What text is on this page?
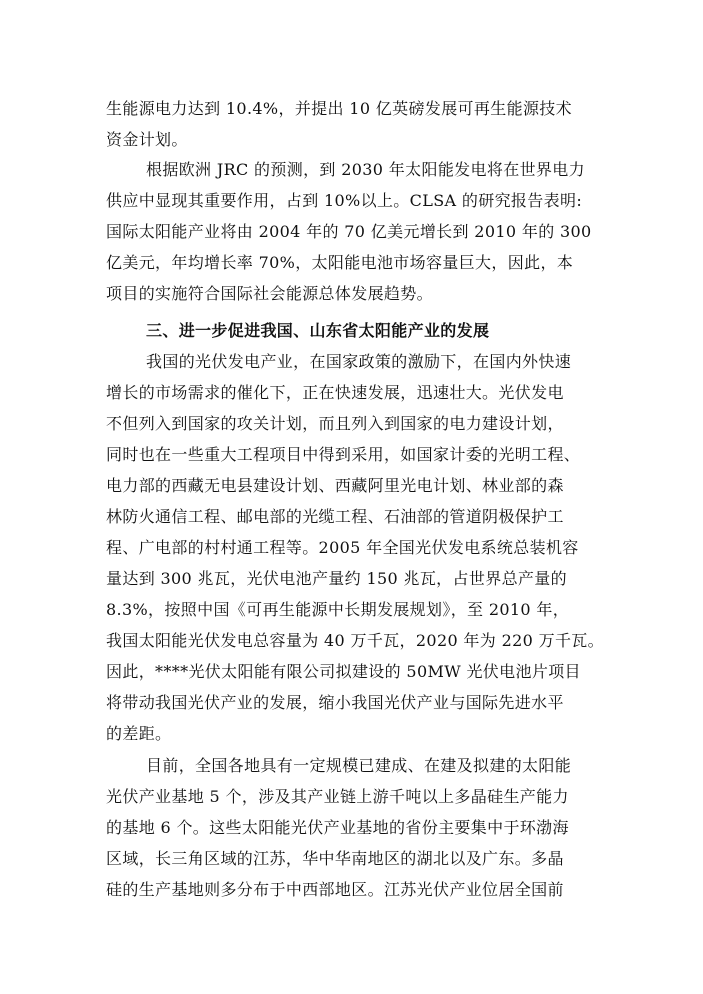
生能源电力达到 10.4%，并提出 10 亿英磅发展可再生能源技术
资金计划。
根据欧洲 JRC 的预测，到 2030 年太阳能发电将在世界电力
供应中显现其重要作用，占到 10%以上。CLSA 的研究报告表明:
国际太阳能产业将由 2004 年的 70 亿美元增长到 2010 年的 300
亿美元，年均增长率 70%，太阳能电池市场容量巨大，因此，本
项目的实施符合国际社会能源总体发展趋势。
三、进一步促进我国、山东省太阳能产业的发展
我国的光伏发电产业，在国家政策的激励下，在国内外快速
增长的市场需求的催化下，正在快速发展，迅速壮大。光伏发电
不但列入到国家的攻关计划，而且列入到国家的电力建设计划，
同时也在一些重大工程项目中得到采用，如国家计委的光明工程、
电力部的西藏无电县建设计划、西藏阿里光电计划、林业部的森
林防火通信工程、邮电部的光缆工程、石油部的管道阴极保护工
程、广电部的村村通工程等。2005 年全国光伏发电系统总装机容
量达到 300 兆瓦，光伏电池产量约 150 兆瓦，占世界总产量的
8.3%，按照中国《可再生能源中长期发展规划》，至 2010 年，
我国太阳能光伏发电总容量为 40 万千瓦，2020 年为 220 万千瓦。
因此，****光伏太阳能有限公司拟建设的 50MW 光伏电池片项目
将带动我国光伏产业的发展，缩小我国光伏产业与国际先进水平
的差距。
目前，全国各地具有一定规模已建成、在建及拟建的太阳能
光伏产业基地 5 个，涉及其产业链上游千吨以上多晶硅生产能力
的基地 6 个。这些太阳能光伏产业基地的省份主要集中于环渤海
区域，长三角区域的江苏，华中华南地区的湖北以及广东。多晶
硅的生产基地则多分布于中西部地区。江苏光伏产业位居全国前
